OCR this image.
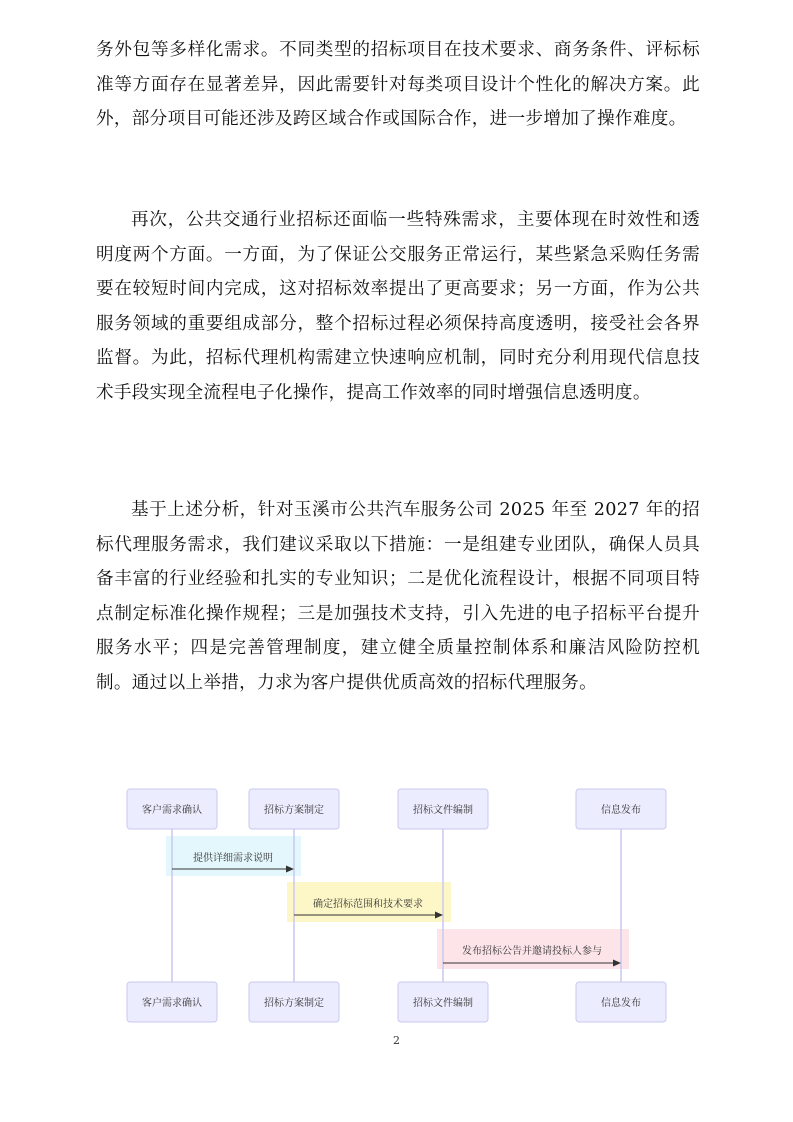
务外包等多样化需求。不同类型的招标项目在技术要求、商务条件、评标标准等方面存在显著差异，因此需要针对每类项目设计个性化的解决方案。此外，部分项目可能还涉及跨区域合作或国际合作，进一步增加了操作难度。

再次，公共交通行业招标还面临一些特殊需求，主要体现在时效性和透明度两个方面。一方面，为了保证公交服务正常运行，某些紧急采购任务需要在较短时间内完成，这对招标效率提出了更高要求；另一方面，作为公共服务领域的重要组成部分，整个招标过程必须保持高度透明，接受社会各界监督。为此，招标代理机构需建立快速响应机制，同时充分利用现代信息技术手段实现全流程电子化操作，提高工作效率的同时增强信息透明度。

基于上述分析，针对玉溪市公共汽车服务公司 2025 年至 2027 年的招标代理服务需求，我们建议采取以下措施：一是组建专业团队，确保人员具备丰富的行业经验和扎实的专业知识；二是优化流程设计，根据不同项目特点制定标准化操作规程；三是加强技术支持，引入先进的电子招标平台提升服务水平；四是完善管理制度，建立健全质量控制体系和廉洁风险防控机制。通过以上举措，力求为客户提供优质高效的招标代理服务。

客户需求确认	招标方案制定	招标文件编制	信息发布
提供详细需求说明
确定招标范围和技术要求
发布招标公告并邀请投标人参与
客户需求确认	招标方案制定	招标文件编制	信息发布
2
